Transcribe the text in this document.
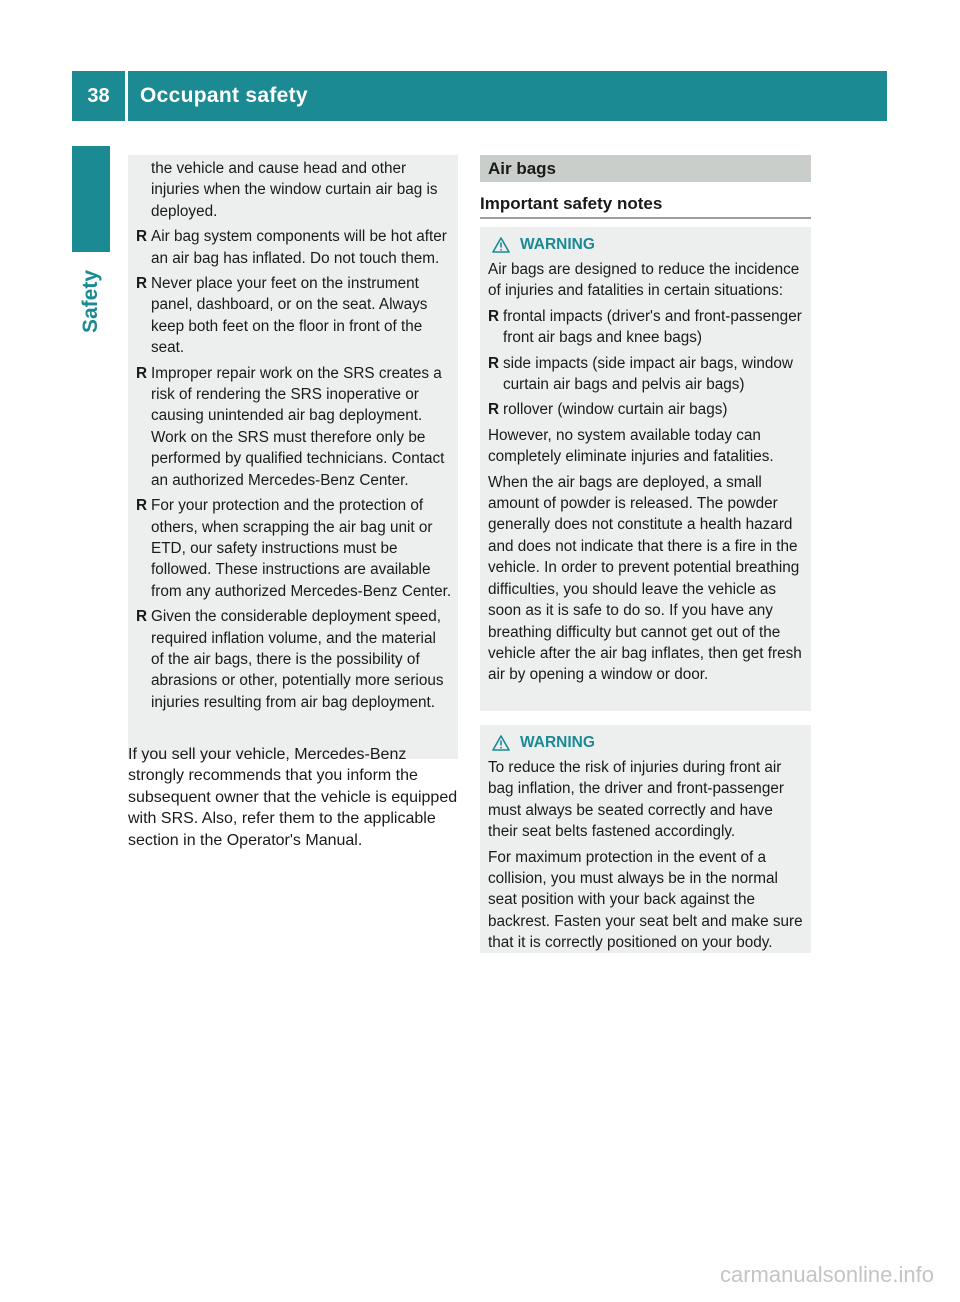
38	Occupant safety
Safety
the vehicle and cause head and other injuries when the window curtain air bag is deployed.
R Air bag system components will be hot after an air bag has inflated. Do not touch them.
R Never place your feet on the instrument panel, dashboard, or on the seat. Always keep both feet on the floor in front of the seat.
R Improper repair work on the SRS creates a risk of rendering the SRS inoperative or causing unintended air bag deployment. Work on the SRS must therefore only be performed by qualified technicians. Contact an authorized Mercedes-Benz Center.
R For your protection and the protection of others, when scrapping the air bag unit or ETD, our safety instructions must be followed. These instructions are available from any authorized Mercedes-Benz Center.
R Given the considerable deployment speed, required inflation volume, and the material of the air bags, there is the possibility of abrasions or other, potentially more serious injuries resulting from air bag deployment.
If you sell your vehicle, Mercedes-Benz strongly recommends that you inform the subsequent owner that the vehicle is equipped with SRS. Also, refer them to the applicable section in the Operator's Manual.
Air bags
Important safety notes
WARNING

Air bags are designed to reduce the incidence of injuries and fatalities in certain situations:

R frontal impacts (driver's and front-passenger front air bags and knee bags)
R side impacts (side impact air bags, window curtain air bags and pelvis air bags)
R rollover (window curtain air bags)

However, no system available today can completely eliminate injuries and fatalities.

When the air bags are deployed, a small amount of powder is released. The powder generally does not constitute a health hazard and does not indicate that there is a fire in the vehicle. In order to prevent potential breathing difficulties, you should leave the vehicle as soon as it is safe to do so. If you have any breathing difficulty but cannot get out of the vehicle after the air bag inflates, then get fresh air by opening a window or door.

WARNING

To reduce the risk of injuries during front air bag inflation, the driver and front-passenger must always be seated correctly and have their seat belts fastened accordingly.

For maximum protection in the event of a collision, you must always be in the normal seat position with your back against the backrest. Fasten your seat belt and make sure that it is correctly positioned on your body.

carmanualsonline.info
